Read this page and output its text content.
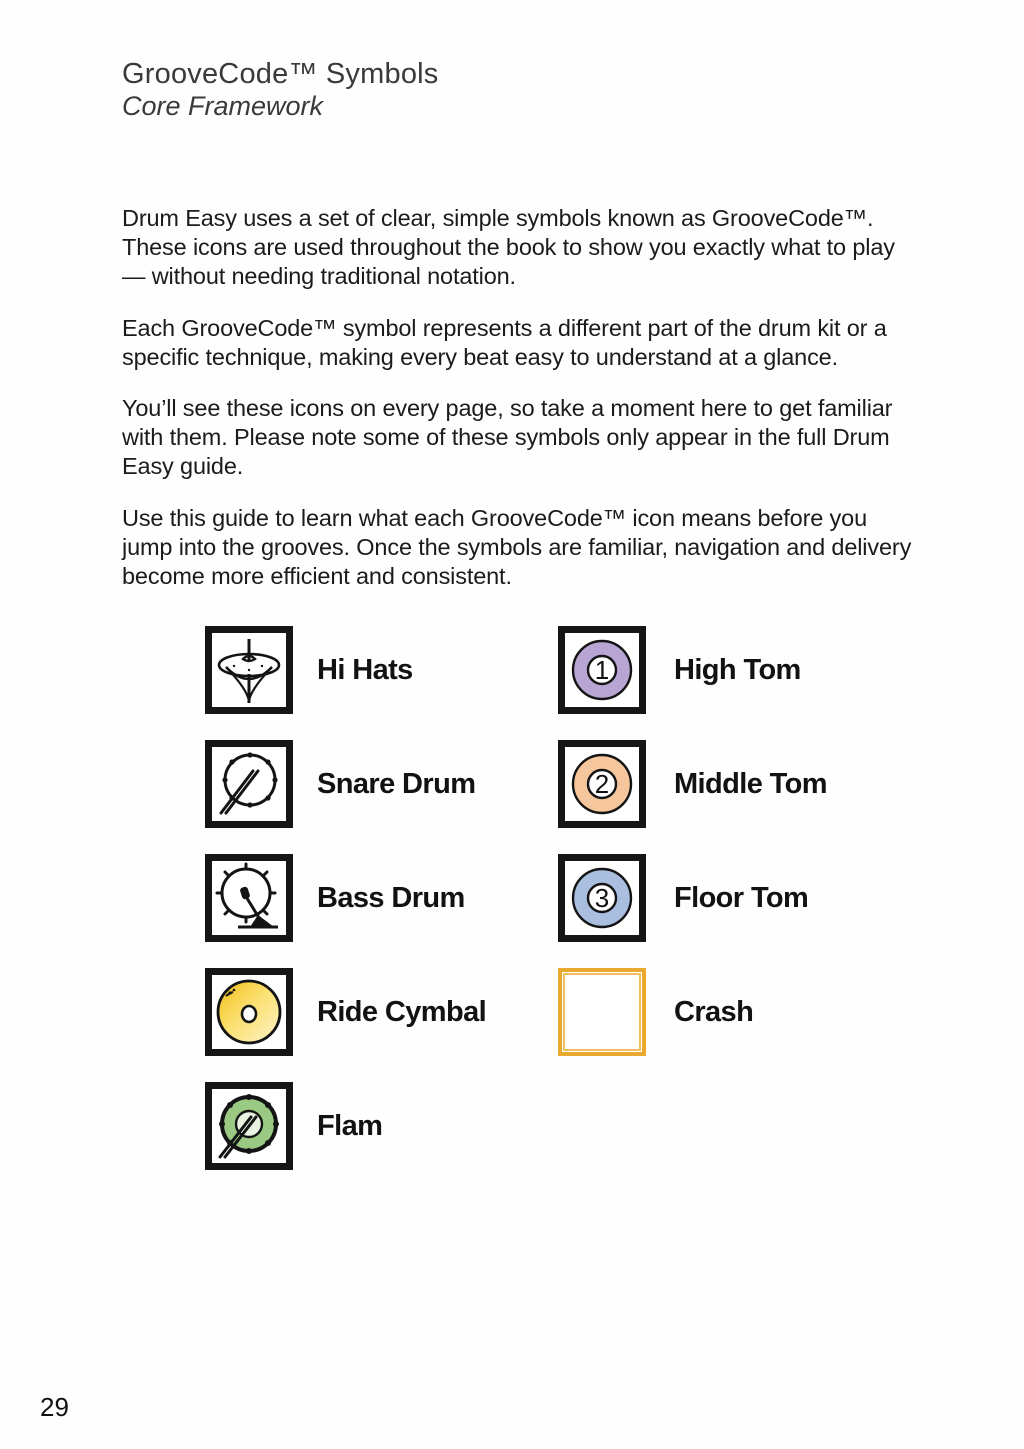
GrooveCode™ Symbols
Core Framework

Drum Easy uses a set of clear, simple symbols known as GrooveCode™. These icons are used throughout the book to show you exactly what to play — without needing traditional notation.

Each GrooveCode™ symbol represents a different part of the drum kit or a specific technique, making every beat easy to understand at a glance.

You’ll see these icons on every page, so take a moment here to get familiar with them. Please note some of these symbols only appear in the full Drum Easy guide.

Use this guide to learn what each GrooveCode™ icon means before you jump into the grooves. Once the symbols are familiar, navigation and delivery become more efficient and consistent.

Hi Hats
Snare Drum
Bass Drum
Ride Cymbal
Flam
1 High Tom
2 Middle Tom
3 Floor Tom
Crash
29
